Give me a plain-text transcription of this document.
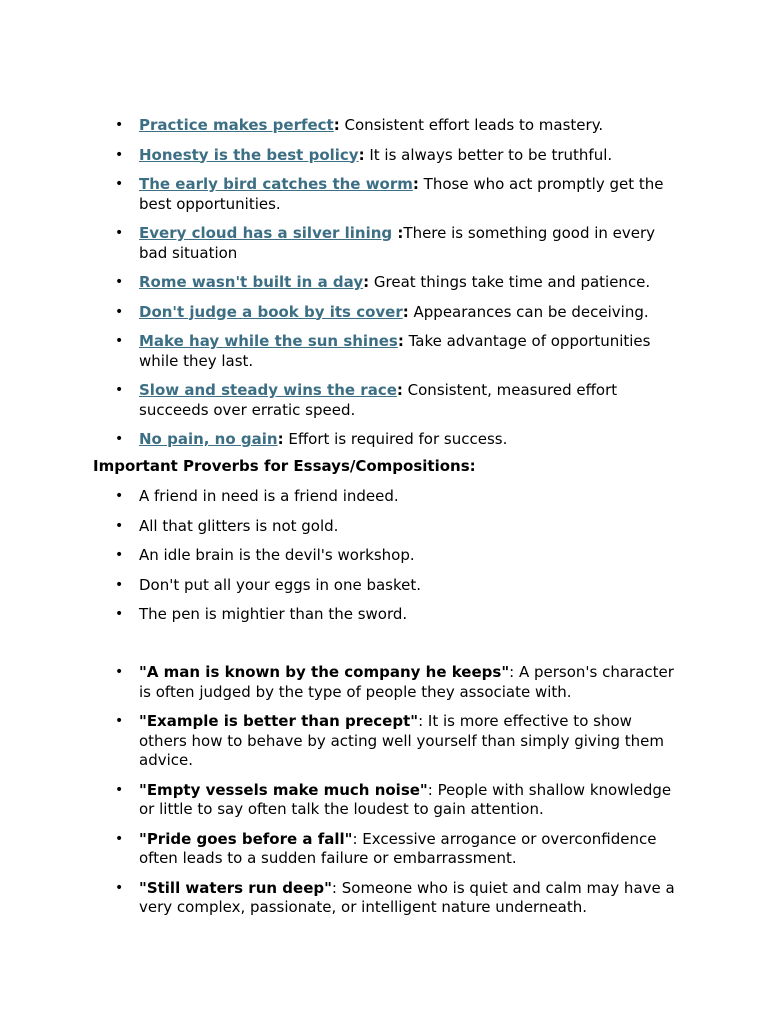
• Practice makes perfect: Consistent effort leads to mastery.
• Honesty is the best policy: It is always better to be truthful.
• The early bird catches the worm: Those who act promptly get the best opportunities.
• Every cloud has a silver lining :There is something good in every bad situation
• Rome wasn't built in a day: Great things take time and patience.
• Don't judge a book by its cover: Appearances can be deceiving.
• Make hay while the sun shines: Take advantage of opportunities while they last.
• Slow and steady wins the race: Consistent, measured effort succeeds over erratic speed.
• No pain, no gain: Effort is required for success.
Important Proverbs for Essays/Compositions:
• A friend in need is a friend indeed.
• All that glitters is not gold.
• An idle brain is the devil's workshop.
• Don't put all your eggs in one basket.
• The pen is mightier than the sword.
• "A man is known by the company he keeps": A person's character is often judged by the type of people they associate with.
• "Example is better than precept": It is more effective to show others how to behave by acting well yourself than simply giving them advice.
• "Empty vessels make much noise": People with shallow knowledge or little to say often talk the loudest to gain attention.
• "Pride goes before a fall": Excessive arrogance or overconfidence often leads to a sudden failure or embarrassment.
• "Still waters run deep": Someone who is quiet and calm may have a very complex, passionate, or intelligent nature underneath.
